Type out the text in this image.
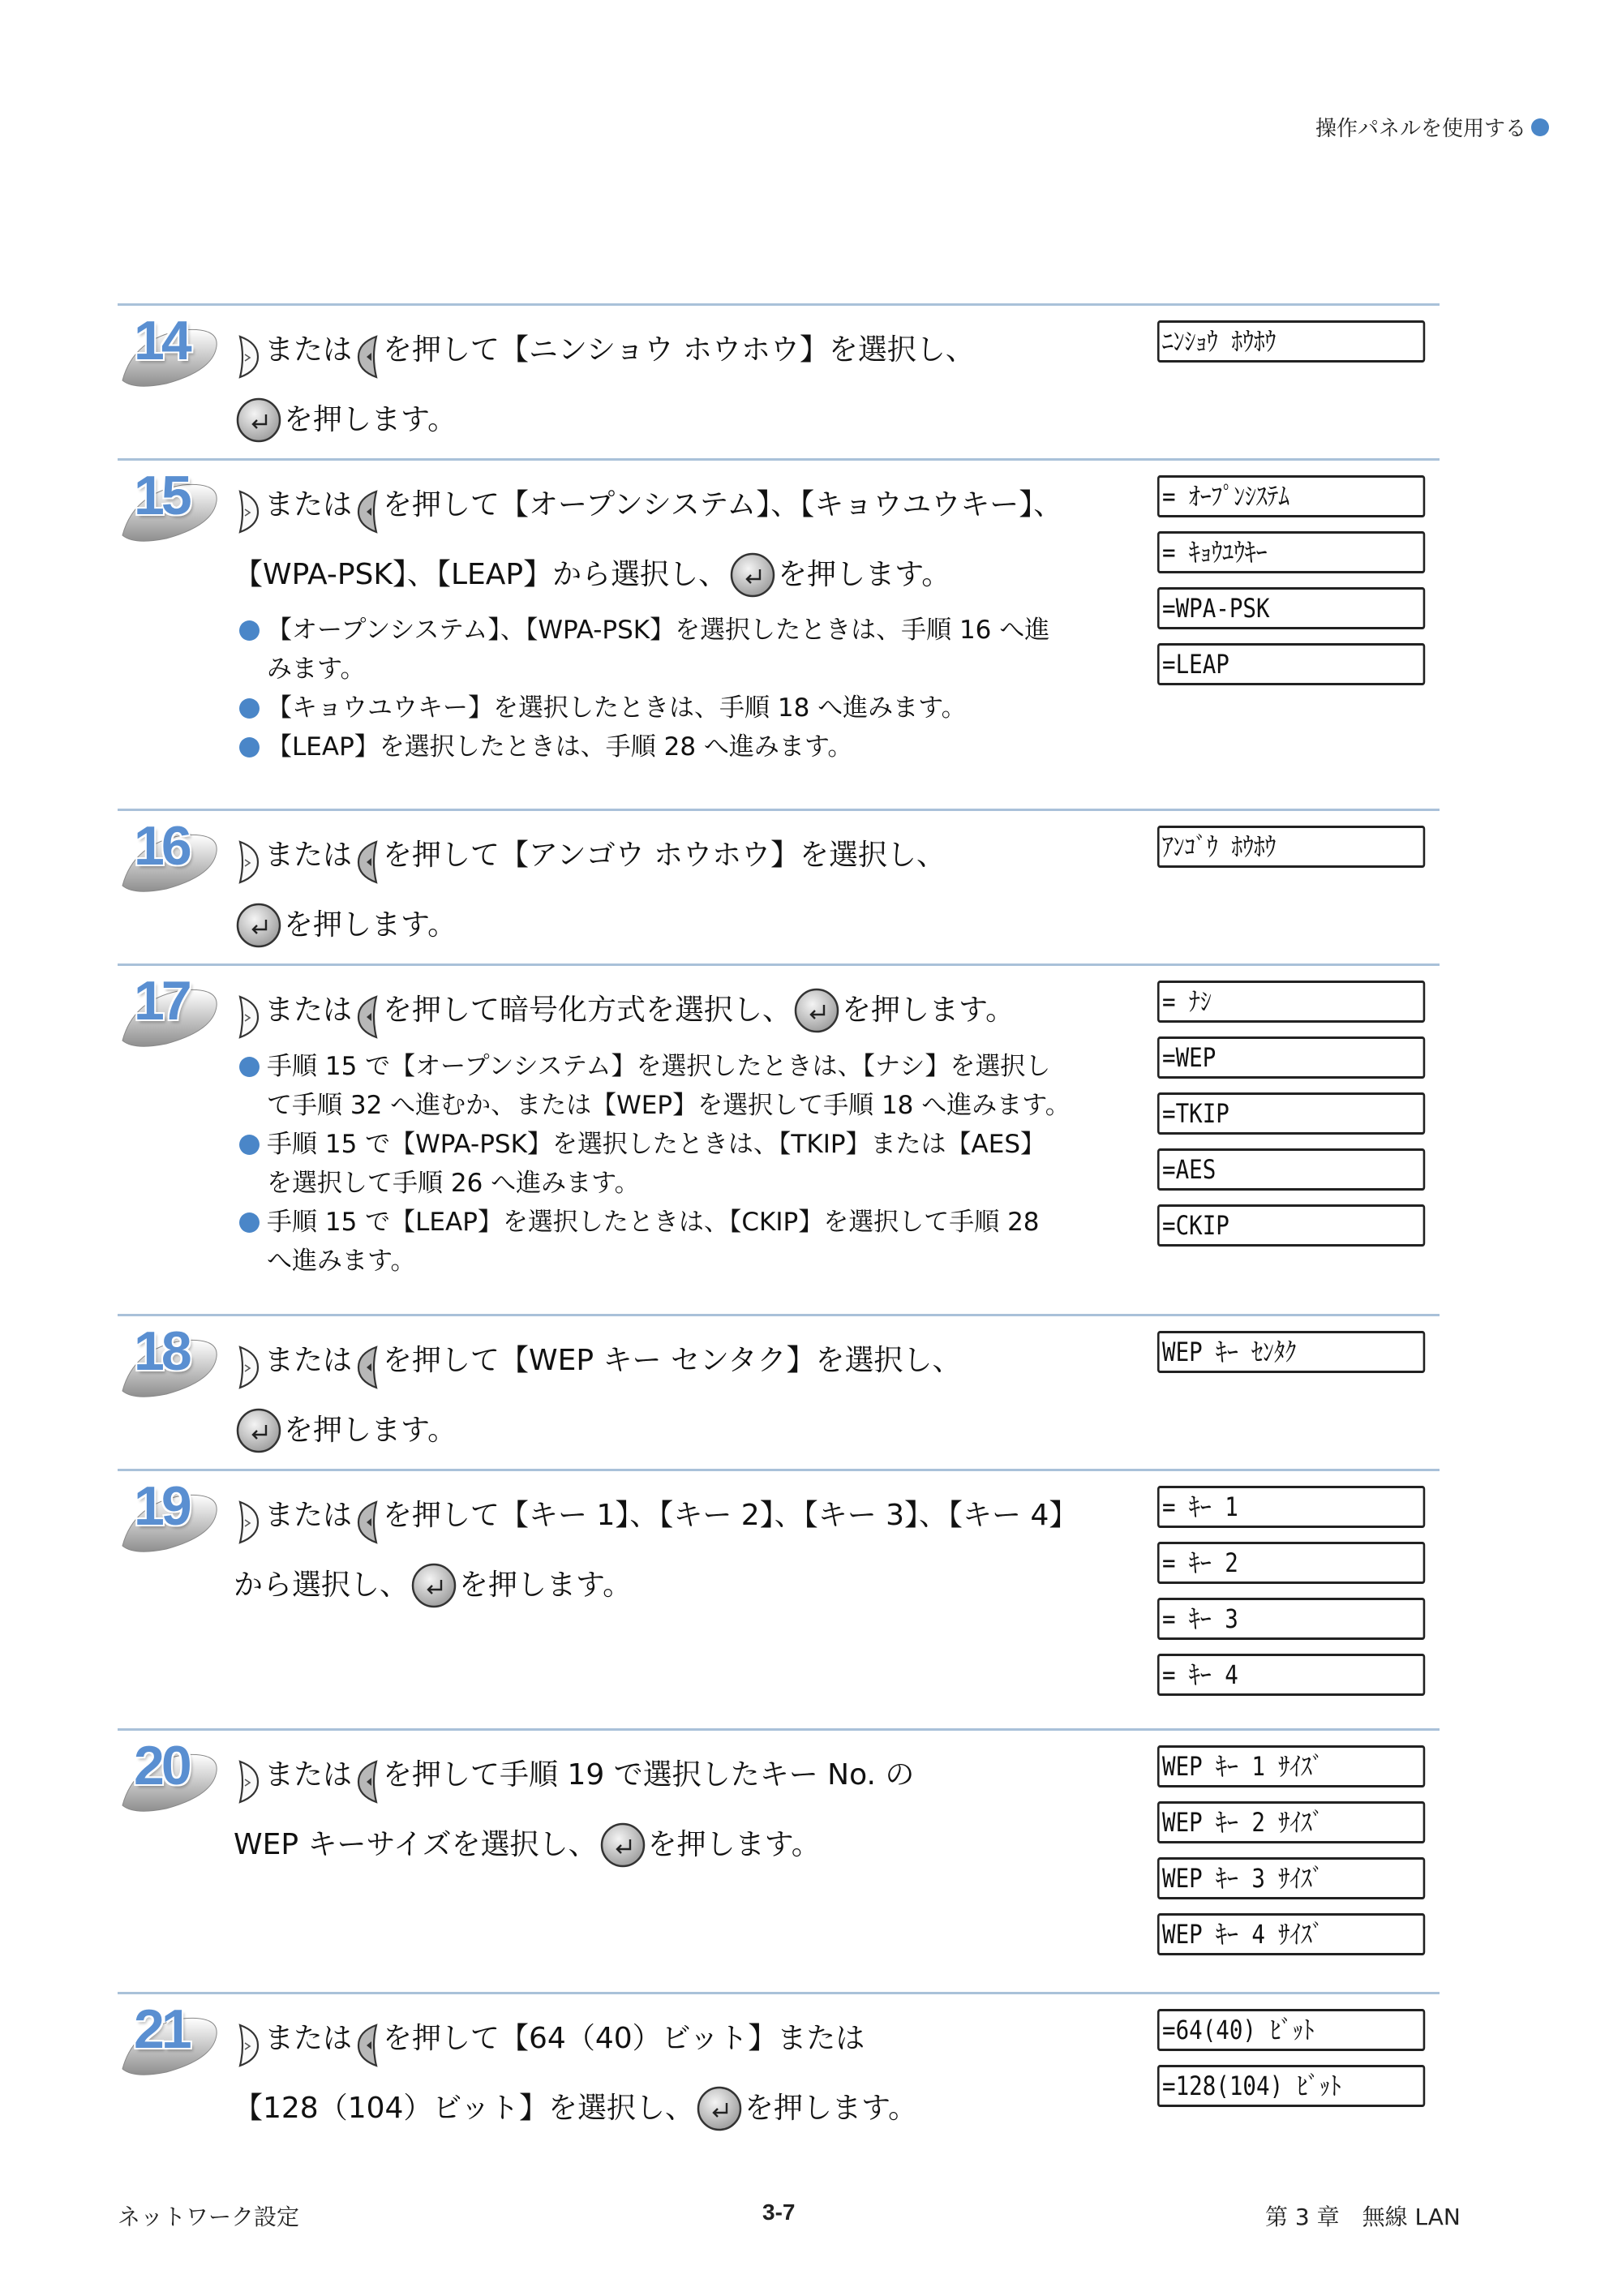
操作パネルを使用する
14	または を押して【ニンショウ ホウホウ】を選択し、
を押します。
ﾆﾝｼｮｳ ﾎｳﾎｳ
15	または を押して【オープンシステム】、【キョウユウキー】、
【WPA-PSK】、【LEAP】から選択し、 を押します。
【オープンシステム】、【WPA-PSK】を選択したときは、手順 16 へ進
みます。
【キョウユウキー】を選択したときは、手順 18 へ進みます。
【LEAP】を選択したときは、手順 28 へ進みます。
= ｵｰﾌﾟﾝｼｽﾃﾑ
= ｷｮｳﾕｳｷｰ
=WPA-PSK
=LEAP
16	または を押して【アンゴウ ホウホウ】を選択し、
を押します。
ｱﾝｺﾞｳ ﾎｳﾎｳ
17	または を押して暗号化方式を選択し、 を押します。
手順 15 で【オープンシステム】を選択したときは、【ナシ】を選択し
て手順 32 へ進むか、または【WEP】を選択して手順 18 へ進みます。
手順 15 で【WPA-PSK】を選択したときは、【TKIP】または【AES】
を選択して手順 26 へ進みます。
手順 15 で【LEAP】を選択したときは、【CKIP】を選択して手順 28
へ進みます。
= ﾅｼ
=WEP
=TKIP
=AES
=CKIP
18	または を押して【WEP キー センタク】を選択し、
を押します。
WEP ｷｰ ｾﾝﾀｸ
19	または を押して【キー 1】、【キー 2】、【キー 3】、【キー 4】
から選択し、 を押します。
= ｷｰ 1
= ｷｰ 2
= ｷｰ 3
= ｷｰ 4
20	または を押して手順 19 で選択したキー No. の
WEP キーサイズを選択し、 を押します。
WEP ｷｰ 1 ｻｲｽﾞ
WEP ｷｰ 2 ｻｲｽﾞ
WEP ｷｰ 3 ｻｲｽﾞ
WEP ｷｰ 4 ｻｲｽﾞ
21	または を押して【64（40）ビット】または
【128（104）ビット】を選択し、 を押します。
=64(40) ﾋﾞｯﾄ
=128(104) ﾋﾞｯﾄ
ネットワーク設定	3-7	第 3 章　無線 LAN
